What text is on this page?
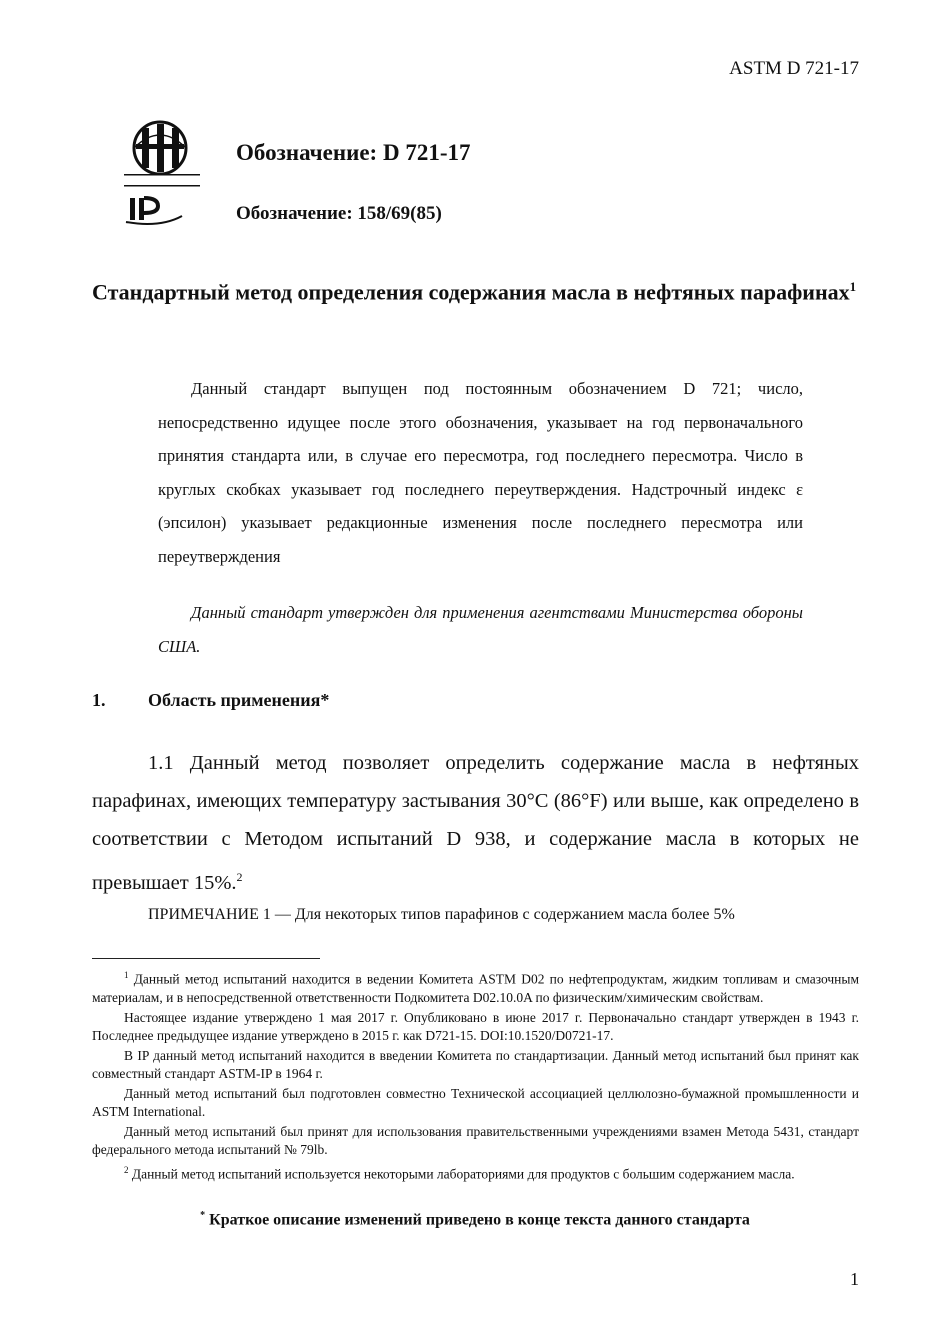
ASTM D 721-17
Обозначение: D 721-17
Обозначение: 158/69(85)
Стандартный метод определения содержания масла в нефтяных парафинах$^1$
Данный стандарт выпущен под постоянным обозначением D 721; число, непосредственно идущее после этого обозначения, указывает на год первоначального принятия стандарта или, в случае его пересмотра, год последнего пересмотра. Число в круглых скобках указывает год последнего переутверждения. Надстрочный индекс ε (эпсилон) указывает редакционные изменения после последнего пересмотра или переутверждения
Данный стандарт утвержден для применения агентствами Министерства обороны США.
1. Область применения*
1.1 Данный метод позволяет определить содержание масла в нефтяных парафинах, имеющих температуру застывания 30°C (86°F) или выше, как определено в соответствии с Методом испытаний D 938, и содержание масла в которых не превышает 15%.$^2$
ПРИМЕЧАНИЕ 1 — Для некоторых типов парафинов с содержанием масла более 5%

$^1$ Данный метод испытаний находится в ведении Комитета ASTM D02 по нефтепродуктам, жидким топливам и смазочным материалам, и в непосредственной ответственности Подкомитета D02.10.0A по физическим/химическим свойствам.

Настоящее издание утверждено 1 мая 2017 г. Опубликовано в июне 2017 г. Первоначально стандарт утвержден в 1943 г. Последнее предыдущее издание утверждено в 2015 г. как D721-15. DOI:10.1520/D0721-17.

В IP данный метод испытаний находится в введении Комитета по стандартизации. Данный метод испытаний был принят как совместный стандарт ASTM-IP в 1964 г.

Данный метод испытаний был подготовлен совместно Технической ассоциацией целлюлозно-бумажной промышленности и ASTM International.

Данный метод испытаний был принят для использования правительственными учреждениями взамен Метода 5431, стандарт федерального метода испытаний № 79lb.

$^2$ Данный метод испытаний используется некоторыми лабораториями для продуктов с большим содержанием масла.

* Краткое описание изменений приведено в конце текста данного стандарта
1
